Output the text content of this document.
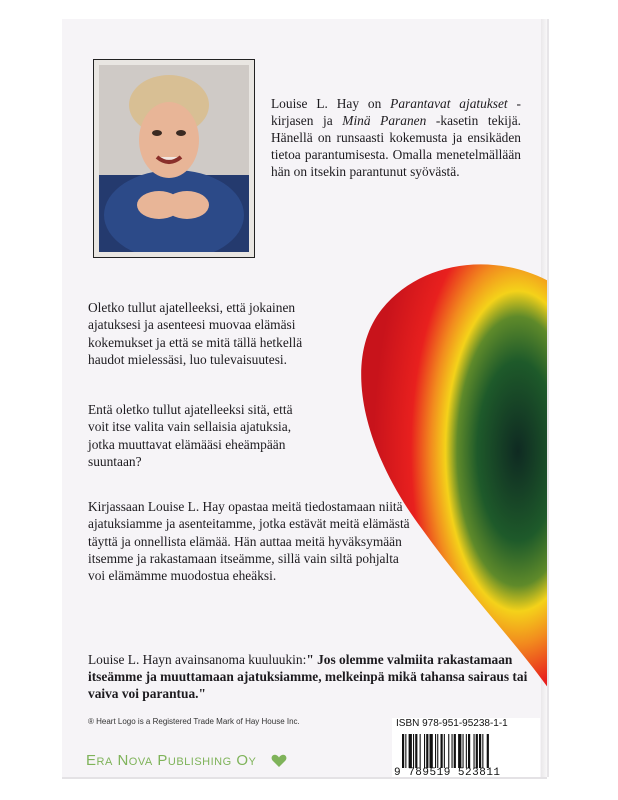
Louise L. Hay on Parantavat ajatukset -kirjasen ja Minä Paranen -kasetin tekijä. Hänellä on runsaasti kokemusta ja ensikäden tietoa parantumisesta. Omalla menetelmällään hän on itsekin parantunut syövästä.
Oletko tullut ajatelleeksi, että jokainen ajatuksesi ja asenteesi muovaa elämäsi kokemukset ja että se mitä tällä hetkellä haudot mielessäsi, luo tulevaisuutesi.
Entä oletko tullut ajatelleeksi sitä, että voit itse valita vain sellaisia ajatuksia, jotka muuttavat elämääsi eheämpään suuntaan?
Kirjassaan Louise L. Hay opastaa meitä tiedostamaan niitä ajatuksiamme ja asenteitamme, jotka estävät meitä elämästä täyttä ja onnellista elämää. Hän auttaa meitä hyväksymään itsemme ja rakastamaan itseämme, sillä vain siltä pohjalta voi elämämme muodostua eheäksi.
Louise L. Hayn avainsanoma kuuluukin:" Jos olemme valmiita rakastamaan itseämme ja muuttamaan ajatuksiamme, melkeinpä mikä tahansa sairaus tai vaiva voi parantua."
® Heart Logo is a Registered Trade Mark of Hay House Inc.
Era Nova Publishing Oy
ISBN 978-951-95238-1-1
9 789519 523811
